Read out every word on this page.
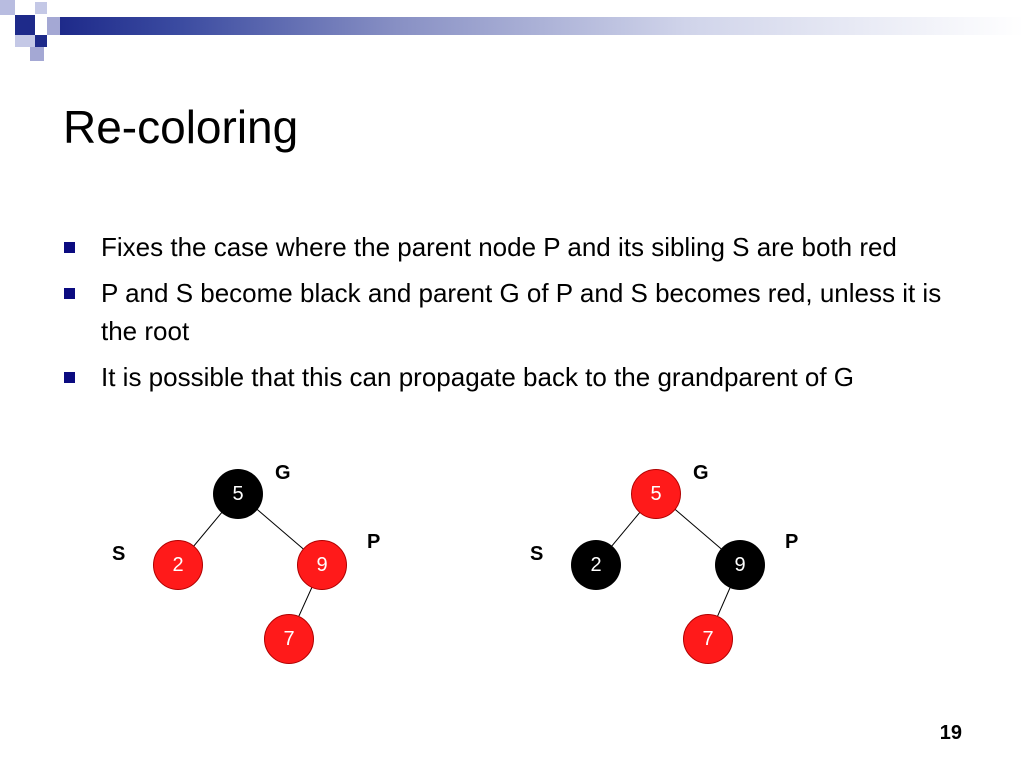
Re-coloring
Fixes the case where the parent node P and its sibling S are both red
P and S become black and parent G of P and S becomes red, unless it is the root
It is possible that this can propagate back to the grandparent of G
G
S
P
5
2	9
7
G
S
P
5
2	9
7
19
